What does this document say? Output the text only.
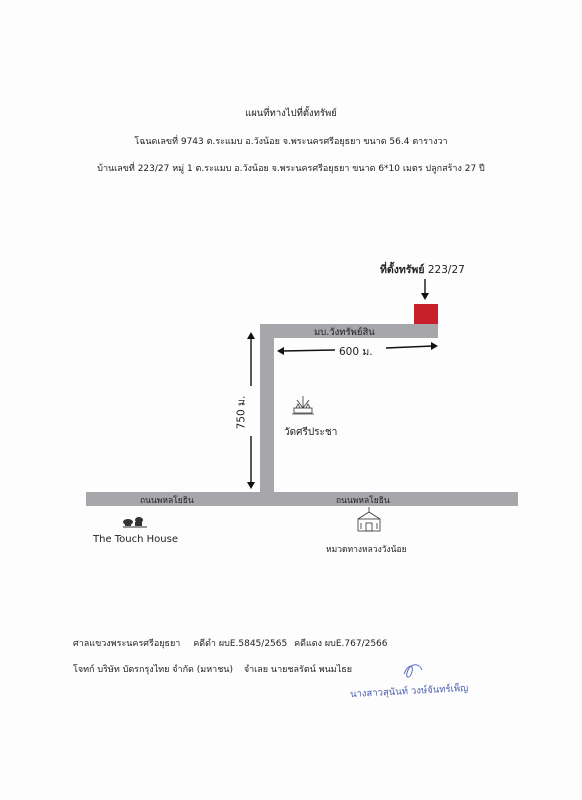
แผนที่ทางไปที่ตั้งทรัพย์
โฉนดเลขที่ 9743 ต.ระแมบ อ.วังน้อย จ.พระนครศรีอยุธยา ขนาด 56.4 ตารางวา
บ้านเลขที่ 223/27 หมู่ 1 ต.ระแมบ อ.วังน้อย จ.พระนครศรีอยุธยา ขนาด 6*10 เมตร ปลูกสร้าง 27 ปี
ที่ตั้งทรัพย์ 223/27
มบ.วังทรัพย์สิน
600 ม.
750 ม.
วัดศรีประชา
ถนนพหลโยธิน	ถนนพหลโยธิน
The Touch House
หมวดทางหลวงวังน้อย
ศาลแขวงพระนครศรีอยุธยา คดีดำ ผบE.5845/2565 คดีแดง ผบE.767/2566
โจทก์ บริษัท บัตรกรุงไทย จำกัด (มหาชน) จำเลย นายชลรัตน์ พนมไธย
นางสาวสุนันท์ วงษ์จันทร์เพ็ญ
